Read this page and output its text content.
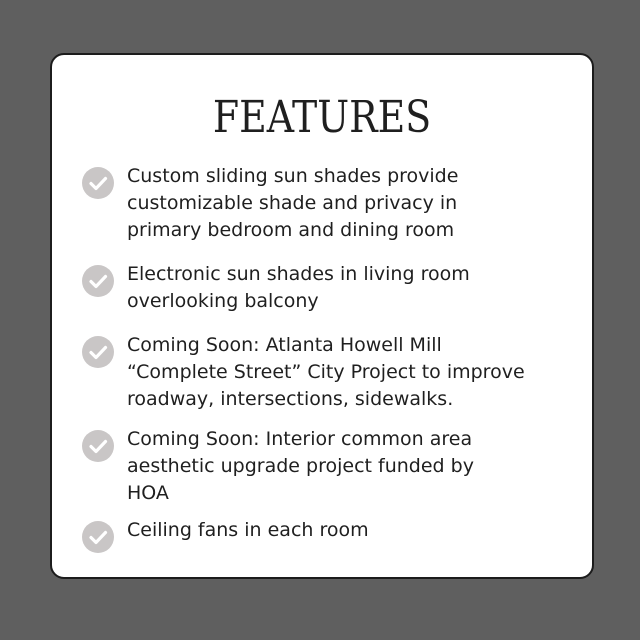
FEATURES
Custom sliding sun shades provide
customizable shade and privacy in
primary bedroom and dining room
Electronic sun shades in living room
overlooking balcony
Coming Soon: Atlanta Howell Mill
“Complete Street” City Project to improve
roadway, intersections, sidewalks.
Coming Soon: Interior common area
aesthetic upgrade project funded by
HOA
Ceiling fans in each room
